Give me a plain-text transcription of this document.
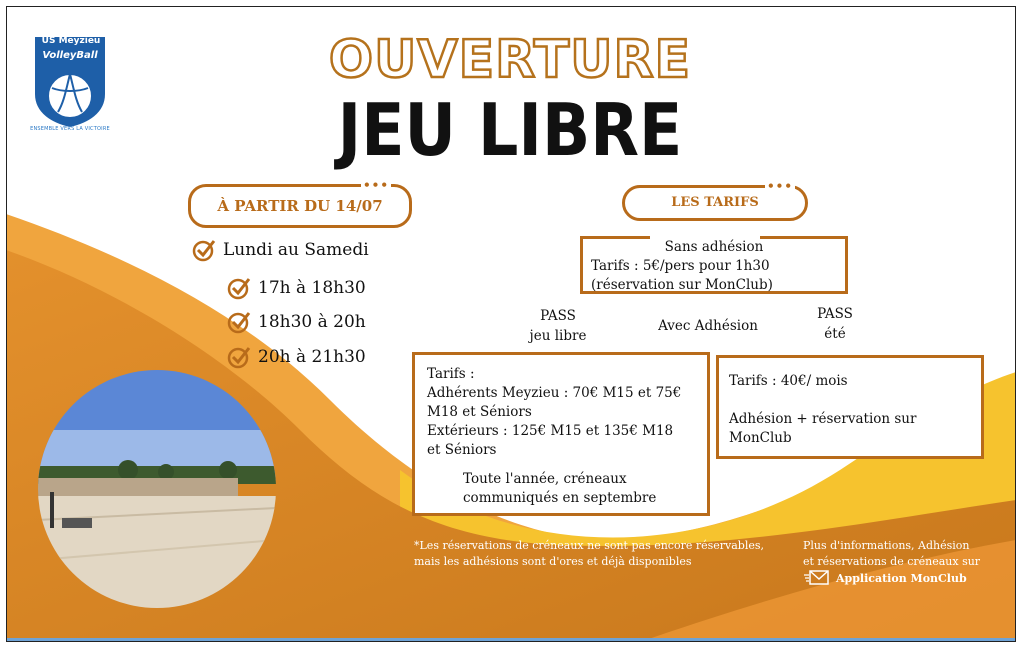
US Meyzieu
VolleyBall
ENSEMBLE VERS LA VICTOIRE
OUVERTURE
JEU LIBRE
•••
À PARTIR DU 14/07
Lundi au Samedi
17h à 18h30
18h30 à 20h
20h à 21h30
•••
LES TARIFS
Sans adhésion
Tarifs : 5€/pers pour 1h30
(réservation sur MonClub)
PASS
jeu libre
Avec Adhésion
PASS
été
Tarifs :
Adhérents Meyzieu : 70€ M15 et 75€
M18 et Séniors
Extérieurs : 125€ M15 et 135€ M18
et Séniors
Toute l'année, créneaux
communiqués en septembre
Tarifs : 40€/ mois
Adhésion + réservation sur
MonClub
*Les réservations de créneaux ne sont pas encore réservables,
mais les adhésions sont d'ores et déjà disponibles
Plus d'informations, Adhésion
et réservations de créneaux sur
Application MonClub
